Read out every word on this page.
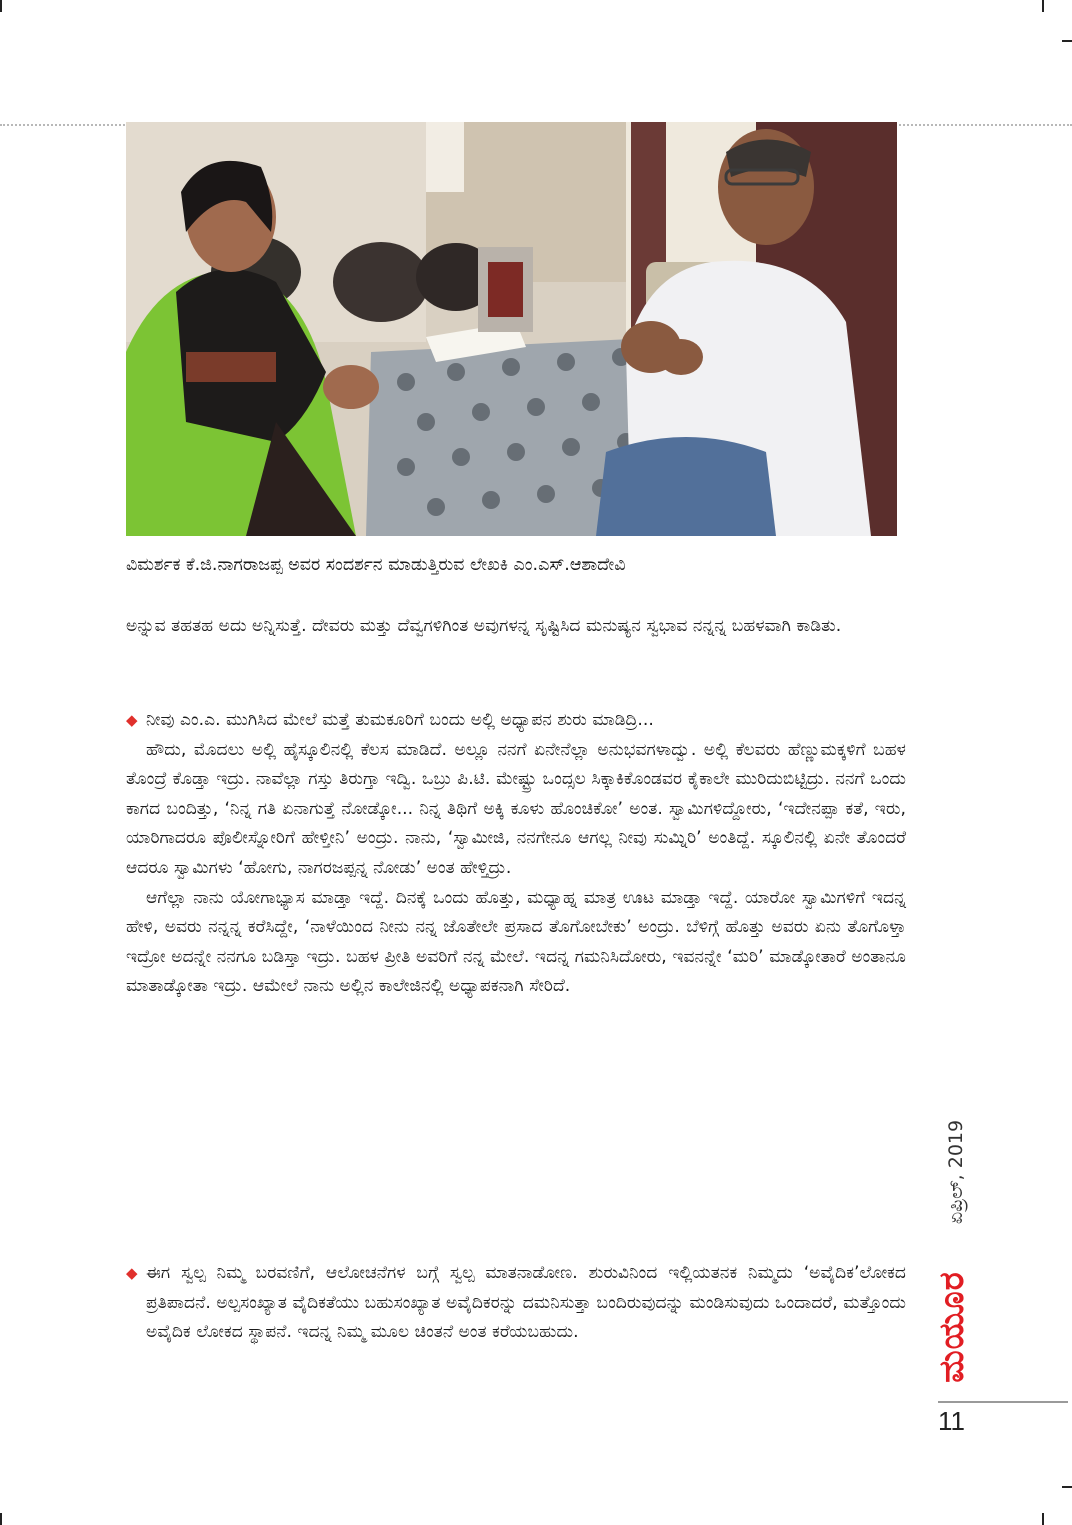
ವಿಮರ್ಶಕ ಕೆ.ಜಿ.ನಾಗರಾಜಪ್ಪ ಅವರ ಸಂದರ್ಶನ ಮಾಡುತ್ತಿರುವ ಲೇಖಕಿ ಎಂ.ಎಸ್.ಆಶಾದೇವಿ

ಅನ್ನುವ ತಹತಹ ಅದು ಅನ್ನಿಸುತ್ತೆ. ದೇವರು ಮತ್ತು ದೆವ್ವಗಳಿಗಿಂತ ಅವುಗಳನ್ನ ಸೃಷ್ಟಿಸಿದ ಮನುಷ್ಯನ ಸ್ವಭಾವ ನನ್ನನ್ನ ಬಹಳವಾಗಿ ಕಾಡಿತು.

◆ ನೀವು ಎಂ.ಎ. ಮುಗಿಸಿದ ಮೇಲೆ ಮತ್ತೆ ತುಮಕೂರಿಗೆ ಬಂದು ಅಲ್ಲಿ ಅಧ್ಯಾಪನ ಶುರು ಮಾಡಿದ್ರಿ...

ಹೌದು, ಮೊದಲು ಅಲ್ಲಿ ಹೈಸ್ಕೂಲಿನಲ್ಲಿ ಕೆಲಸ ಮಾಡಿದೆ. ಅಲ್ಲೂ ನನಗೆ ಏನೇನೆಲ್ಲಾ ಅನುಭವಗಳಾದ್ವು. ಅಲ್ಲಿ ಕೆಲವರು ಹೆಣ್ಣುಮಕ್ಕಳಿಗೆ ಬಹಳ ತೊಂದ್ರೆ ಕೊಡ್ತಾ ಇದ್ರು. ನಾವೆಲ್ಲಾ ಗಸ್ತು ತಿರುಗ್ತಾ ಇದ್ವಿ. ಒಬ್ರು ಪಿ.ಟಿ. ಮೇಷ್ಟ್ರು ಒಂದ್ಸಲ ಸಿಕ್ಕಾಕಿಕೊಂಡವರ ಕೈಕಾಲೇ ಮುರಿದುಬಿಟ್ಟಿದ್ರು. ನನಗೆ ಒಂದು ಕಾಗದ ಬಂದಿತ್ತು, ‘ನಿನ್ನ ಗತಿ ಏನಾಗುತ್ತೆ ನೋಡ್ಕೋ... ನಿನ್ನ ತಿಥಿಗೆ ಅಕ್ಕಿ ಕೂಳು ಹೊಂಚಿಕೋ’ ಅಂತ. ಸ್ವಾಮಿಗಳಿದ್ದೋರು, ‘ಇದೇನಪ್ಪಾ ಕತೆ, ಇರು, ಯಾರಿಗಾದರೂ ಪೊಲೀಸ್ನೋರಿಗೆ ಹೇಳ್ತೀನಿ’ ಅಂದ್ರು. ನಾನು, ‘ಸ್ವಾಮೀಜಿ, ನನಗೇನೂ ಆಗಲ್ಲ ನೀವು ಸುಮ್ನಿರಿ’ ಅಂತಿದ್ದೆ. ಸ್ಕೂಲಿನಲ್ಲಿ ಏನೇ ತೊಂದರೆ ಆದರೂ ಸ್ವಾಮಿಗಳು ‘ಹೋಗು, ನಾಗರಜಪ್ಪನ್ನ ನೋಡು’ ಅಂತ ಹೇಳ್ತಿದ್ರು.

ಆಗೆಲ್ಲಾ ನಾನು ಯೋಗಾಭ್ಯಾಸ ಮಾಡ್ತಾ ಇದ್ದೆ. ದಿನಕ್ಕೆ ಒಂದು ಹೊತ್ತು, ಮಧ್ಯಾಹ್ನ ಮಾತ್ರ ಊಟ ಮಾಡ್ತಾ ಇದ್ದೆ. ಯಾರೋ ಸ್ವಾಮಿಗಳಿಗೆ ಇದನ್ನ ಹೇಳಿ, ಅವರು ನನ್ನನ್ನ ಕರೆಸಿದ್ದೇ, ‘ನಾಳೆಯಿಂದ ನೀನು ನನ್ನ ಜೊತೇಲೇ ಪ್ರಸಾದ ತೊಗೋಬೇಕು’ ಅಂದ್ರು. ಬೆಳಿಗ್ಗೆ ಹೊತ್ತು ಅವರು ಏನು ತೊಗೊಳ್ತಾ ಇದ್ರೋ ಅದನ್ನೇ ನನಗೂ ಬಡಿಸ್ತಾ ಇದ್ರು. ಬಹಳ ಪ್ರೀತಿ ಅವರಿಗೆ ನನ್ನ ಮೇಲೆ. ಇದನ್ನ ಗಮನಿಸಿದೋರು, ಇವನನ್ನೇ ‘ಮರಿ’ ಮಾಡ್ಕೋತಾರೆ ಅಂತಾನೂ ಮಾತಾಡ್ಕೋತಾ ಇದ್ರು. ಆಮೇಲೆ ನಾನು ಅಲ್ಲಿನ ಕಾಲೇಜಿನಲ್ಲಿ ಅಧ್ಯಾಪಕನಾಗಿ ಸೇರಿದೆ.

◆ ಈಗ ಸ್ವಲ್ಪ ನಿಮ್ಮ ಬರವಣಿಗೆ, ಆಲೋಚನೆಗಳ ಬಗ್ಗೆ ಸ್ವಲ್ಪ ಮಾತನಾಡೋಣ. ಶುರುವಿನಿಂದ ಇಲ್ಲಿಯತನಕ ನಿಮ್ಮದು ‘ಅವೈದಿಕ’ಲೋಕದ ಪ್ರತಿಪಾದನೆ. ಅಲ್ಪಸಂಖ್ಯಾತ ವೈದಿಕತೆಯು ಬಹುಸಂಖ್ಯಾತ ಅವೈದಿಕರನ್ನು ದಮನಿಸುತ್ತಾ ಬಂದಿರುವುದನ್ನು ಮಂಡಿಸುವುದು ಒಂದಾದರೆ, ಮತ್ತೊಂದು ಅವೈದಿಕ ಲೋಕದ ಸ್ಥಾಪನೆ. ಇದನ್ನ ನಿಮ್ಮ ಮೂಲ ಚಿಂತನೆ ಅಂತ ಕರೆಯಬಹುದು.

ಏಪ್ರಿಲ್, 2019
ಮಯೂರ
11
